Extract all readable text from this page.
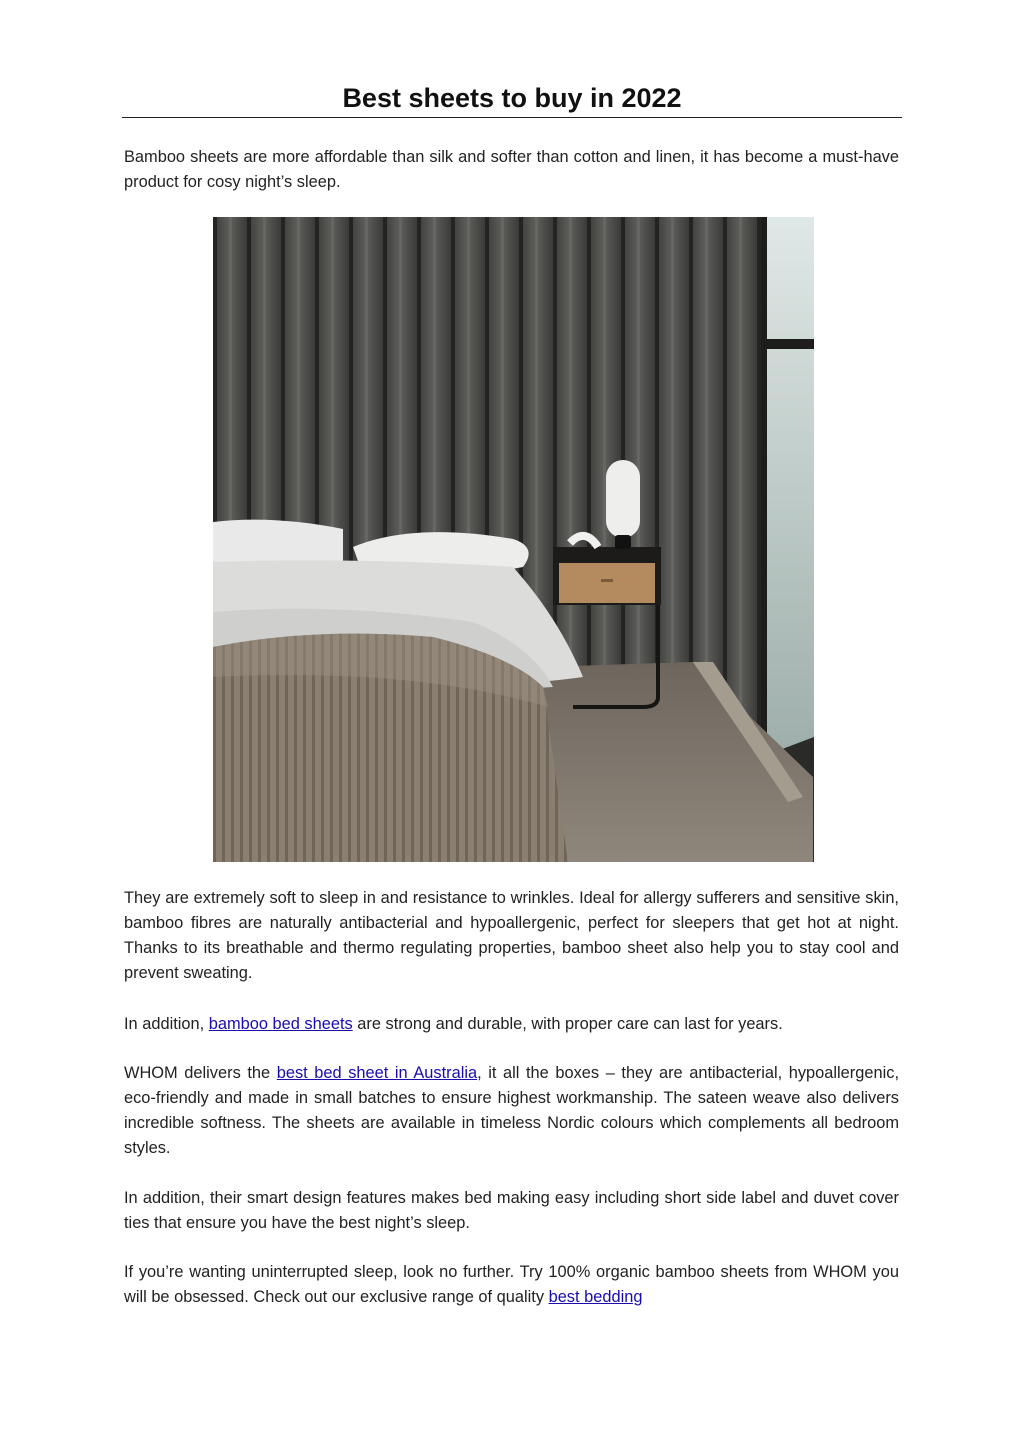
Best sheets to buy in 2022

Bamboo sheets are more affordable than silk and softer than cotton and linen, it has become a must-have product for cosy night’s sleep.

They are extremely soft to sleep in and resistance to wrinkles. Ideal for allergy sufferers and sensitive skin, bamboo fibres are naturally antibacterial and hypoallergenic, perfect for sleepers that get hot at night. Thanks to its breathable and thermo regulating properties, bamboo sheet also help you to stay cool and prevent sweating.

In addition, bamboo bed sheets are strong and durable, with proper care can last for years.

WHOM delivers the best bed sheet in Australia, it all the boxes – they are antibacterial, hypoallergenic, eco-friendly and made in small batches to ensure highest workmanship. The sateen weave also delivers incredible softness. The sheets are available in timeless Nordic colours which complements all bedroom styles.

In addition, their smart design features makes bed making easy including short side label and duvet cover ties that ensure you have the best night’s sleep.

If you’re wanting uninterrupted sleep, look no further. Try 100% organic bamboo sheets from WHOM you will be obsessed. Check out our exclusive range of quality best bedding
